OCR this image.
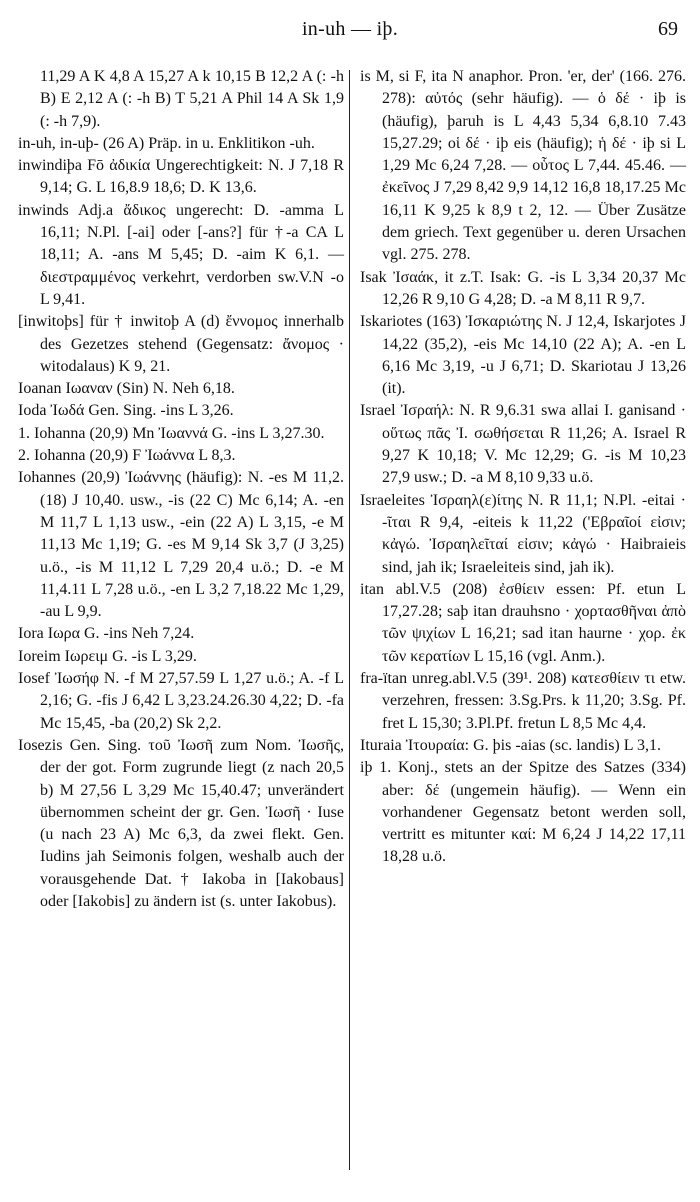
in-uh — iþ.	69

11,29 A K 4,8 A 15,27 A k 10,15 B 12,2 A (: -h B) E 2,12 A (: -h B) T 5,21 A Phil 14 A Sk 1,9 (: -h 7,9).

in-uh, in-uþ- (26 A) Präp. in u. Enklitikon -uh.

inwindiþa Fō ἀδικία Ungerechtigkeit: N. J 7,18 R 9,14; G. L 16,8.9 18,6; D. K 13,6.

inwinds Adj.a ἄδικος ungerecht: D. -amma L 16,11; N.Pl. [-ai] oder [-ans?] für †-a CA L 18,11; A. -ans M 5,45; D. -aim K 6,1. — διεστραμμένος verkehrt, verdorben sw.V.N -o L 9,41.

[inwitoþs] für † inwitoþ A (d) ἔννομος innerhalb des Gezetzes stehend (Gegensatz: ἄνομος · witodalaus) K 9, 21.

Ioanan Ιωαναν (Sin) N. Neh 6,18.

Ioda Ἰωδά Gen. Sing. -ins L 3,26.

1. Iohanna (20,9) Mn Ἰωαννά G. -ins L 3,27.30.

2. Iohanna (20,9) F Ἰωάννα L 8,3.

Iohannes (20,9) Ἰωάννης (häufig): N. -es M 11,2.(18) J 10,40. usw., -is (22 C) Mc 6,14; A. -en M 11,7 L 1,13 usw., -ein (22 A) L 3,15, -e M 11,13 Mc 1,19; G. -es M 9,14 Sk 3,7 (J 3,25) u.ö., -is M 11,12 L 7,29 20,4 u.ö.; D. -e M 11,4.11 L 7,28 u.ö., -en L 3,2 7,18.22 Mc 1,29, -au L 9,9.

Iora Ιωρα G. -ins Neh 7,24.

Ioreim Ιωρειμ G. -is L 3,29.

Iosef Ἰωσήφ N. -f M 27,57.59 L 1,27 u.ö.; A. -f L 2,16; G. -fis J 6,42 L 3,23.24.26.30 4,22; D. -fa Mc 15,45, -ba (20,2) Sk 2,2.

Iosezis Gen. Sing. τοῦ Ἰωσῆ zum Nom. Ἰωσῆς, der der got. Form zugrunde liegt (z nach 20,5 b) M 27,56 L 3,29 Mc 15,40.47; unverändert übernommen scheint der gr. Gen. Ἰωσῆ · Iuse (u nach 23 A) Mc 6,3, da zwei flekt. Gen. Iudins jah Seimonis folgen, weshalb auch der vorausgehende Dat. † Iakoba in [Iakobaus] oder [Iakobis] zu ändern ist (s. unter Iakobus).

is M, si F, ita N anaphor. Pron. 'er, der' (166. 276. 278): αὐτός (sehr häufig). — ὁ δέ · iþ is (häufig), þaruh is L 4,43 5,34 6,8.10 7.43 15,27.29; οἱ δέ · iþ eis (häufig); ἡ δέ · iþ si L 1,29 Mc 6,24 7,28. — οὗτος L 7,44. 45.46. — ἐκεῖνος J 7,29 8,42 9,9 14,12 16,8 18,17.25 Mc 16,11 K 9,25 k 8,9 t 2, 12. — Über Zusätze dem griech. Text gegenüber u. deren Ursachen vgl. 275. 278.

Isak Ἰσαάκ, it z.T. Isak: G. -is L 3,34 20,37 Mc 12,26 R 9,10 G 4,28; D. -a M 8,11 R 9,7.

Iskariotes (163) Ἰσκαριώτης N. J 12,4, Iskarjotes J 14,22 (35,2), -eis Mc 14,10 (22 A); A. -en L 6,16 Mc 3,19, -u J 6,71; D. Skariotau J 13,26 (it).

Israel Ἰσραήλ: N. R 9,6.31 swa allai I. ganisand · οὕτως πᾶς Ἰ. σωθήσεται R 11,26; A. Israel R 9,27 K 10,18; V. Mc 12,29; G. -is M 10,23 27,9 usw.; D. -a M 8,10 9,33 u.ö.

Israeleites Ἰσραηλ(ε)ίτης N. R 11,1; N.Pl. -eitai · -ῖται R 9,4, -eiteis k 11,22 ('Εβραῖοί εἰσιν; κἀγώ. Ἰσραηλεῖταί εἰσιν; κἀγώ · Haibraieis sind, jah ik; Israeleiteis sind, jah ik).

itan abl.V.5 (208) ἐσθίειν essen: Pf. etun L 17,27.28; saþ itan drauhsno · χορτασθῆναι ἀπὸ τῶν ψιχίων L 16,21; sad itan haurne · χορ. ἐκ τῶν κερατίων L 15,16 (vgl. Anm.).

fra-ïtan unreg.abl.V.5 (39¹. 208) κατεσθίειν τι etw. verzehren, fressen: 3.Sg.Prs. k 11,20; 3.Sg. Pf. fret L 15,30; 3.Pl.Pf. fretun L 8,5 Mc 4,4.

Ituraia Ἰτουραία: G. þis -aias (sc. landis) L 3,1.

iþ 1. Konj., stets an der Spitze des Satzes (334) aber: δέ (ungemein häufig). — Wenn ein vorhandener Gegensatz betont werden soll, vertritt es mitunter καί: M 6,24 J 14,22 17,11 18,28 u.ö.
